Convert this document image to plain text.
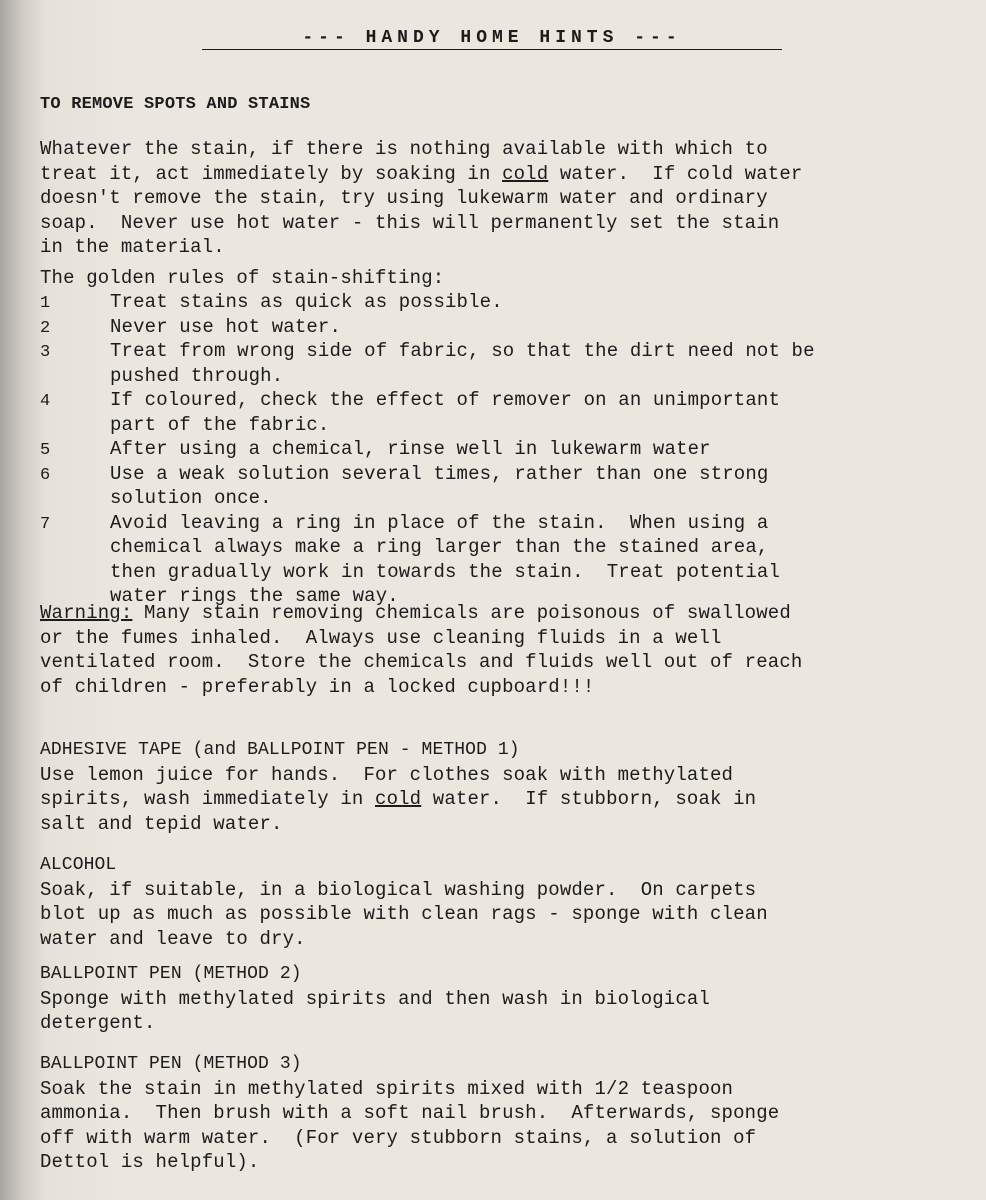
--- HANDY HOME HINTS ---
TO REMOVE SPOTS AND STAINS
Whatever the stain, if there is nothing available with which to
treat it, act immediately by soaking in cold water.  If cold water
doesn't remove the stain, try using lukewarm water and ordinary
soap.  Never use hot water - this will permanently set the stain
in the material.
The golden rules of stain-shifting:
1	Treat stains as quick as possible.
2	Never use hot water.
3	Treat from wrong side of fabric, so that the dirt need not be
pushed through.
4	If coloured, check the effect of remover on an unimportant
part of the fabric.
5	After using a chemical, rinse well in lukewarm water
6	Use a weak solution several times, rather than one strong
solution once.
7	Avoid leaving a ring in place of the stain.  When using a
chemical always make a ring larger than the stained area,
then gradually work in towards the stain.  Treat potential
water rings the same way.
Warning: Many stain removing chemicals are poisonous of swallowed
or the fumes inhaled.  Always use cleaning fluids in a well
ventilated room.  Store the chemicals and fluids well out of reach
of children - preferably in a locked cupboard!!!
ADHESIVE TAPE (and BALLPOINT PEN - METHOD 1)
Use lemon juice for hands.  For clothes soak with methylated
spirits, wash immediately in cold water.  If stubborn, soak in
salt and tepid water.
ALCOHOL
Soak, if suitable, in a biological washing powder.  On carpets
blot up as much as possible with clean rags - sponge with clean
water and leave to dry.
BALLPOINT PEN (METHOD 2)
Sponge with methylated spirits and then wash in biological
detergent.
BALLPOINT PEN (METHOD 3)
Soak the stain in methylated spirits mixed with 1/2 teaspoon
ammonia.  Then brush with a soft nail brush.  Afterwards, sponge
off with warm water.  (For very stubborn stains, a solution of
Dettol is helpful).
